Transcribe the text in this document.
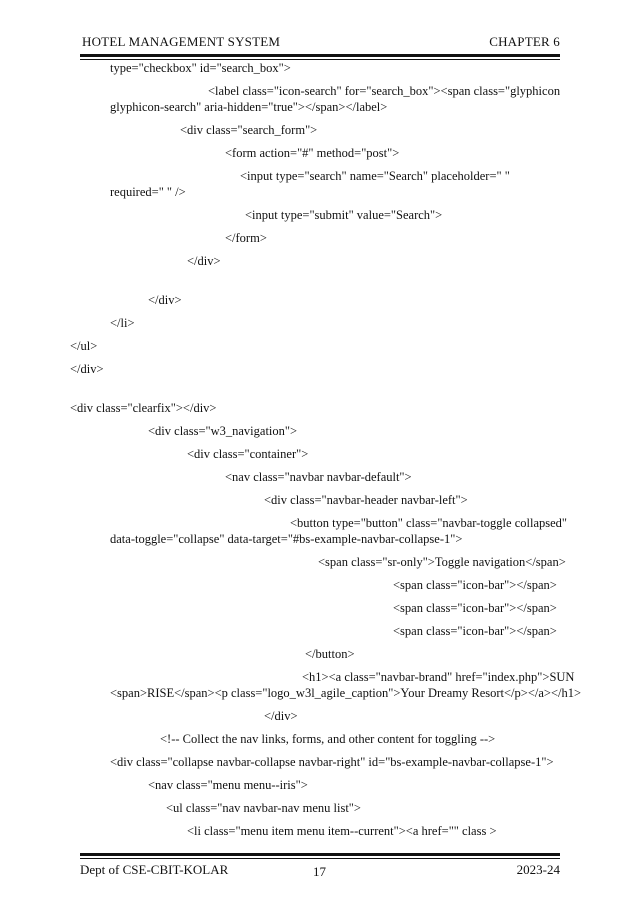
HOTEL MANAGEMENT SYSTEM	CHAPTER 6
type="checkbox" id="search_box">
<label class="icon-search" for="search_box"><span class="glyphicon
glyphicon-search" aria-hidden="true"></span></label>
<div class="search_form">
<form action="#" method="post">
<input type="search" name="Search" placeholder=" "
required=" " />
<input type="submit" value="Search">
</form>
</div>
</div>
</li>
</ul>
</div>
<div class="clearfix"></div>
<div class="w3_navigation">
<div class="container">
<nav class="navbar navbar-default">
<div class="navbar-header navbar-left">
<button type="button" class="navbar-toggle collapsed"
data-toggle="collapse" data-target="#bs-example-navbar-collapse-1">
<span class="sr-only">Toggle navigation</span>
<span class="icon-bar"></span>
<span class="icon-bar"></span>
<span class="icon-bar"></span>
</button>
<h1><a class="navbar-brand" href="index.php">SUN
<span>RISE</span><p class="logo_w3l_agile_caption">Your Dreamy Resort</p></a></h1>
</div>
<!-- Collect the nav links, forms, and other content for toggling -->
<div class="collapse navbar-collapse navbar-right" id="bs-example-navbar-collapse-1">
<nav class="menu menu--iris">
<ul class="nav navbar-nav menu list">
<li class="menu item menu item--current"><a href="" class >
Dept of CSE-CBIT-KOLAR	17	2023-24
